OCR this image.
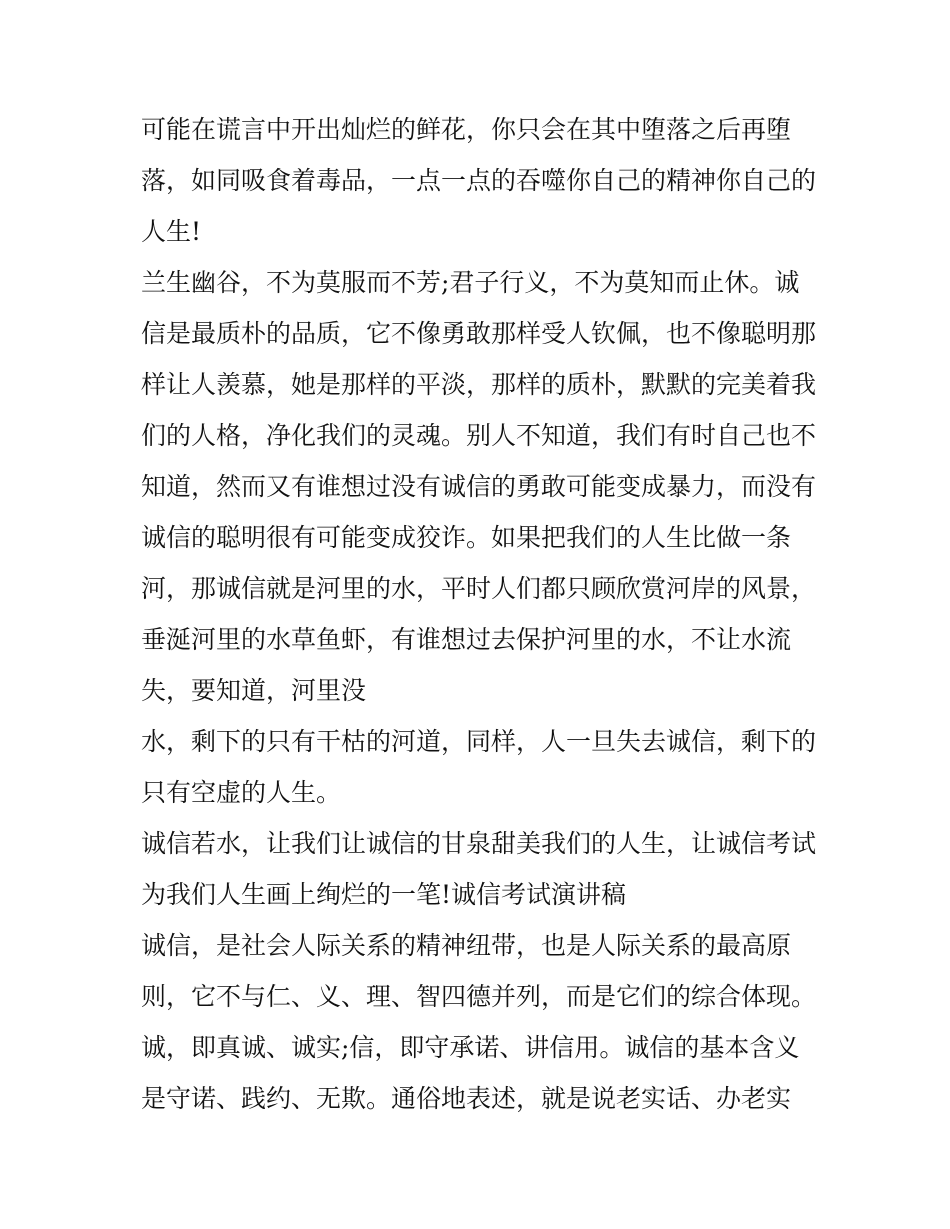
可能在谎言中开出灿烂的鲜花，你只会在其中堕落之后再堕
落，如同吸食着毒品，一点一点的吞噬你自己的精神你自己的
人生!
兰生幽谷，不为莫服而不芳;君子行义，不为莫知而止休。诚
信是最质朴的品质，它不像勇敢那样受人钦佩，也不像聪明那
样让人羡慕，她是那样的平淡，那样的质朴，默默的完美着我
们的人格，净化我们的灵魂。别人不知道，我们有时自己也不
知道，然而又有谁想过没有诚信的勇敢可能变成暴力，而没有
诚信的聪明很有可能变成狡诈。如果把我们的人生比做一条
河，那诚信就是河里的水，平时人们都只顾欣赏河岸的风景，
垂涎河里的水草鱼虾，有谁想过去保护河里的水，不让水流
失，要知道，河里没
水，剩下的只有干枯的河道，同样，人一旦失去诚信，剩下的
只有空虚的人生。
诚信若水，让我们让诚信的甘泉甜美我们的人生，让诚信考试
为我们人生画上绚烂的一笔!诚信考试演讲稿
诚信，是社会人际关系的精神纽带，也是人际关系的最高原
则，它不与仁、义、理、智四德并列，而是它们的综合体现。
诚，即真诚、诚实;信，即守承诺、讲信用。诚信的基本含义
是守诺、践约、无欺。通俗地表述，就是说老实话、办老实
